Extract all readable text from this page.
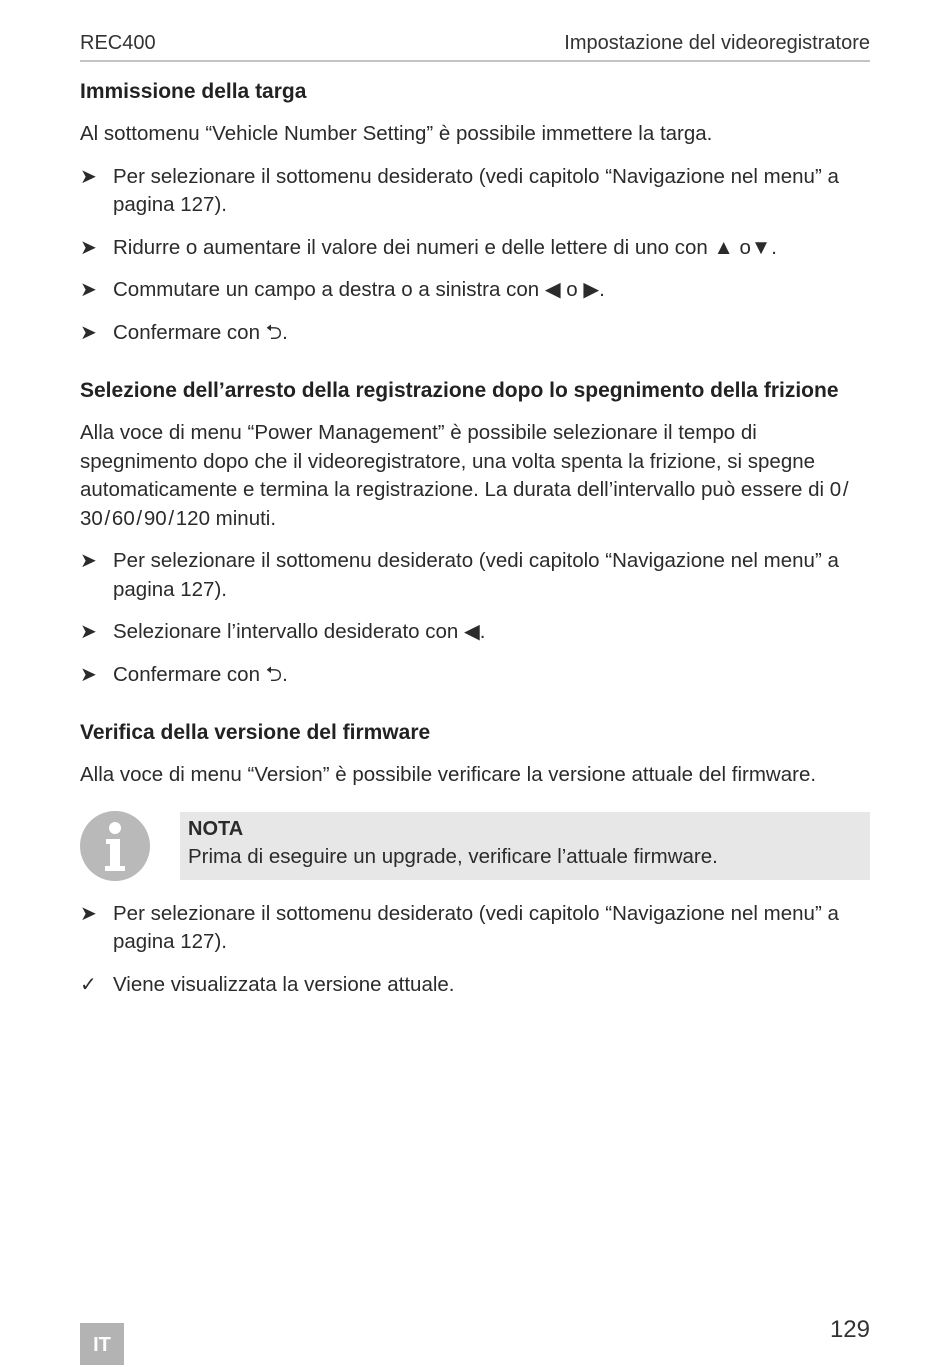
REC400	Impostazione del videoregistratore
Immissione della targa

Al sottomenu “Vehicle Number Setting” è possibile immettere la targa.

➤ Per selezionare il sottomenu desiderato (vedi capitolo “Navigazione nel menu” a pagina 127).
➤ Ridurre o aumentare il valore dei numeri e delle lettere di uno con ▲ o▼.
➤ Commutare un campo a destra o a sinistra con ◀ o ▶.
➤ Confermare con ⮌.
Selezione dell’arresto della registrazione dopo lo spegnimento della frizione

Alla voce di menu “Power Management” è possibile selezionare il tempo di spegnimento dopo che il videoregistratore, una volta spenta la frizione, si spegne automaticamente e termina la registrazione. La durata dell’intervallo può essere di 0 / 30 / 60 / 90 / 120 minuti.

➤ Per selezionare il sottomenu desiderato (vedi capitolo “Navigazione nel menu” a pagina 127).
➤ Selezionare l’intervallo desiderato con ◀.
➤ Confermare con ⮌.
Verifica della versione del firmware

Alla voce di menu “Version” è possibile verificare la versione attuale del firmware.

NOTA
Prima di eseguire un upgrade, verificare l’attuale firmware.
➤ Per selezionare il sottomenu desiderato (vedi capitolo “Navigazione nel menu” a pagina 127).
✓ Viene visualizzata la versione attuale.
129
IT
